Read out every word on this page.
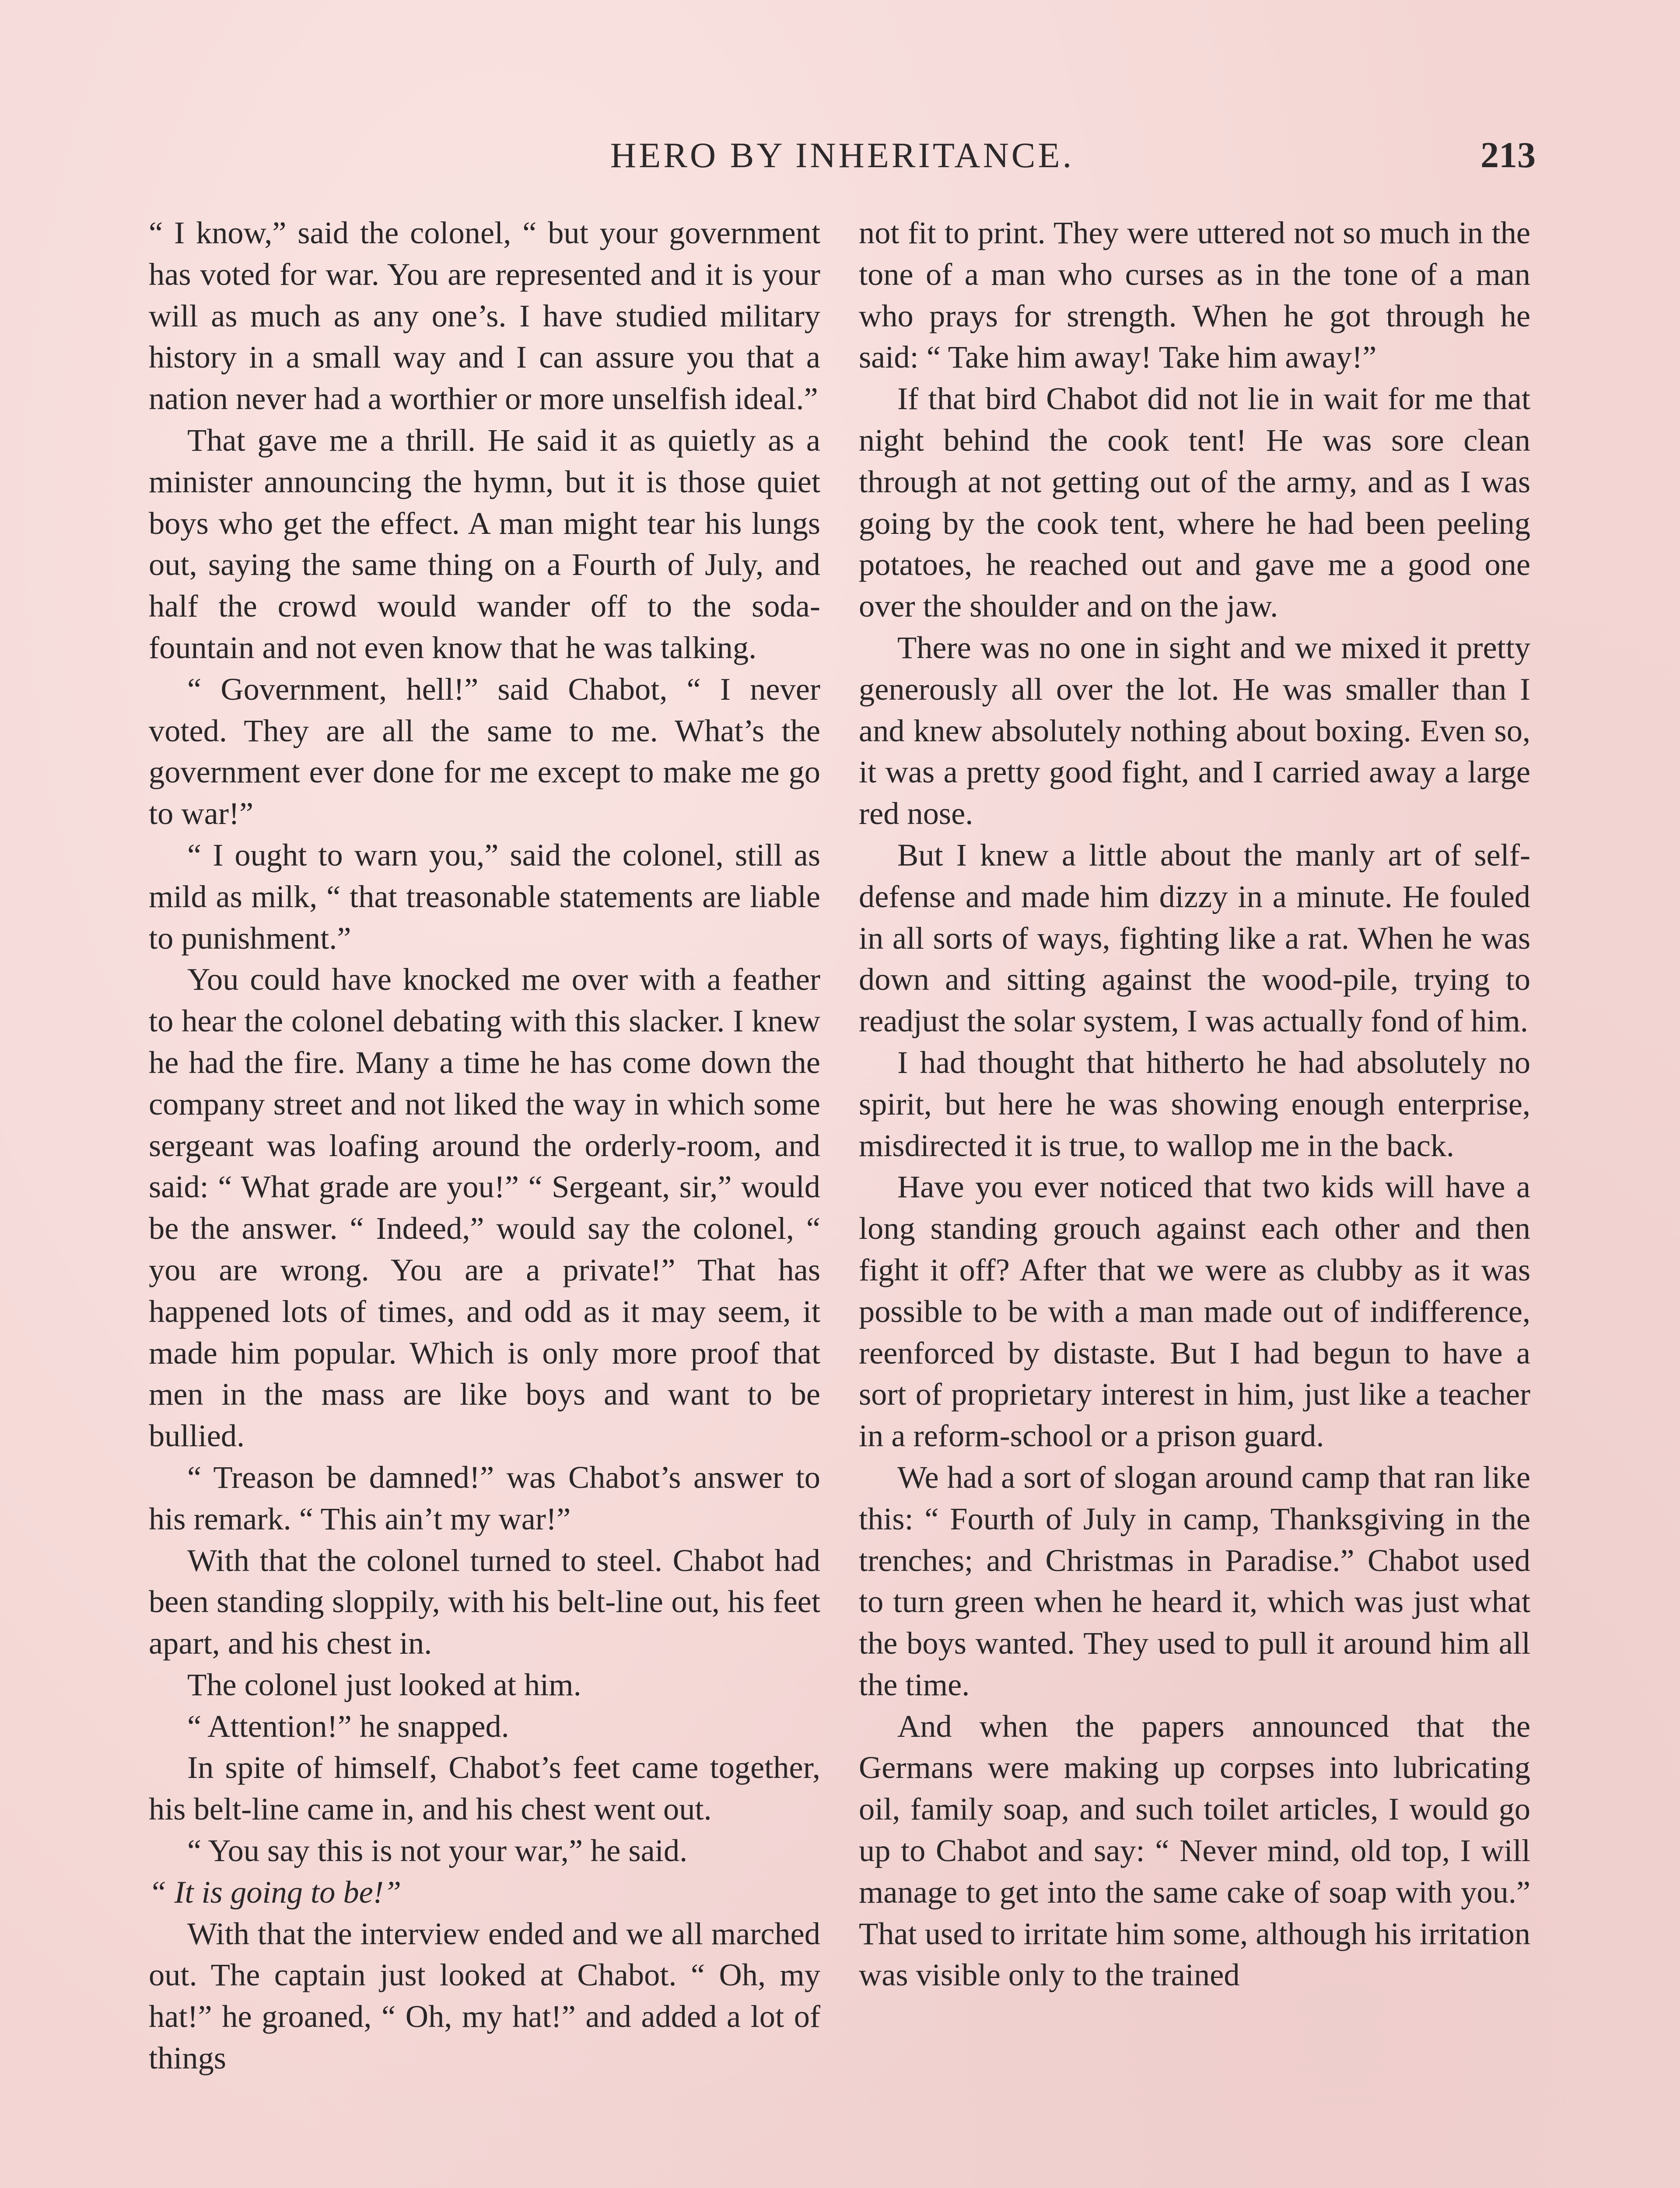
HERO BY INHERITANCE.	213

“ I know,” said the colonel, “ but your government has voted for war. You are represented and it is your will as much as any one’s. I have studied military history in a small way and I can assure you that a nation never had a worthier or more unselfish ideal.”

That gave me a thrill. He said it as quietly as a minister announcing the hymn, but it is those quiet boys who get the effect. A man might tear his lungs out, saying the same thing on a Fourth of July, and half the crowd would wander off to the soda-fountain and not even know that he was talking.

“ Government, hell!” said Chabot, “ I never voted. They are all the same to me. What’s the government ever done for me except to make me go to war!”

“ I ought to warn you,” said the colonel, still as mild as milk, “ that treasonable statements are liable to punishment.”

You could have knocked me over with a feather to hear the colonel debating with this slacker. I knew he had the fire. Many a time he has come down the company street and not liked the way in which some sergeant was loafing around the orderly-room, and said: “ What grade are you!” “ Sergeant, sir,” would be the answer. “ Indeed,” would say the colonel, “ you are wrong. You are a private!” That has happened lots of times, and odd as it may seem, it made him popular. Which is only more proof that men in the mass are like boys and want to be bullied.

“ Treason be damned!” was Chabot’s answer to his remark. “ This ain’t my war!”

With that the colonel turned to steel. Chabot had been standing sloppily, with his belt-line out, his feet apart, and his chest in.

The colonel just looked at him.

“ Attention!” he snapped.

In spite of himself, Chabot’s feet came together, his belt-line came in, and his chest went out.

“ You say this is not your war,” he said.

“ It is going to be!”

With that the interview ended and we all marched out. The captain just looked at Chabot. “ Oh, my hat!” he groaned, “ Oh, my hat!” and added a lot of things

not fit to print. They were uttered not so much in the tone of a man who curses as in the tone of a man who prays for strength. When he got through he said: “ Take him away! Take him away!”

If that bird Chabot did not lie in wait for me that night behind the cook tent! He was sore clean through at not getting out of the army, and as I was going by the cook tent, where he had been peeling potatoes, he reached out and gave me a good one over the shoulder and on the jaw.

There was no one in sight and we mixed it pretty generously all over the lot. He was smaller than I and knew absolutely nothing about boxing. Even so, it was a pretty good fight, and I carried away a large red nose.

But I knew a little about the manly art of self-defense and made him dizzy in a minute. He fouled in all sorts of ways, fighting like a rat. When he was down and sitting against the wood-pile, trying to readjust the solar system, I was actually fond of him.

I had thought that hitherto he had absolutely no spirit, but here he was showing enough enterprise, misdirected it is true, to wallop me in the back.

Have you ever noticed that two kids will have a long standing grouch against each other and then fight it off? After that we were as clubby as it was possible to be with a man made out of indifference, reenforced by distaste. But I had begun to have a sort of proprietary interest in him, just like a teacher in a reform-school or a prison guard.

We had a sort of slogan around camp that ran like this: “ Fourth of July in camp, Thanksgiving in the trenches; and Christmas in Paradise.” Chabot used to turn green when he heard it, which was just what the boys wanted. They used to pull it around him all the time.

And when the papers announced that the Germans were making up corpses into lubricating oil, family soap, and such toilet articles, I would go up to Chabot and say: “ Never mind, old top, I will manage to get into the same cake of soap with you.” That used to irritate him some, although his irritation was visible only to the trained
